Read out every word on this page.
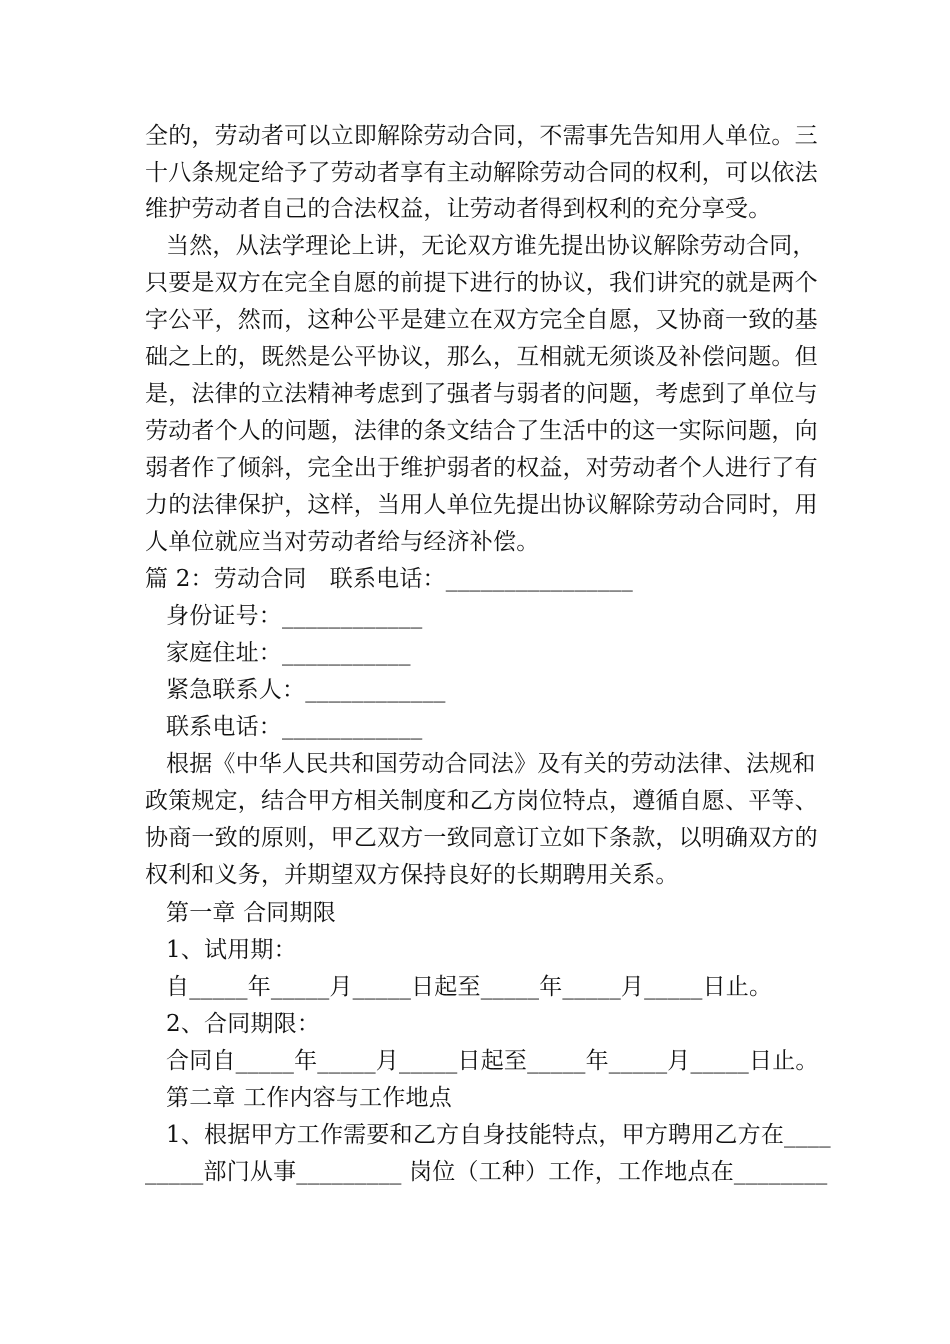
全的，劳动者可以立即解除劳动合同，不需事先告知用人单位。三
十八条规定给予了劳动者享有主动解除劳动合同的权利，可以依法
维护劳动者自己的合法权益，让劳动者得到权利的充分享受。
当然，从法学理论上讲，无论双方谁先提出协议解除劳动合同，
只要是双方在完全自愿的前提下进行的协议，我们讲究的就是两个
字公平，然而，这种公平是建立在双方完全自愿，又协商一致的基
础之上的，既然是公平协议，那么，互相就无须谈及补偿问题。但
是，法律的立法精神考虑到了强者与弱者的问题，考虑到了单位与
劳动者个人的问题，法律的条文结合了生活中的这一实际问题，向
弱者作了倾斜，完全出于维护弱者的权益，对劳动者个人进行了有
力的法律保护，这样，当用人单位先提出协议解除劳动合同时，用
人单位就应当对劳动者给与经济补偿。
篇 2：劳动合同　联系电话：________________
身份证号：____________
家庭住址：___________
紧急联系人：____________
联系电话：____________
根据《中华人民共和国劳动合同法》及有关的劳动法律、法规和
政策规定，结合甲方相关制度和乙方岗位特点，遵循自愿、平等、
协商一致的原则，甲乙双方一致同意订立如下条款，以明确双方的
权利和义务，并期望双方保持良好的长期聘用关系。
第一章 合同期限
1、试用期：
自_____年_____月_____日起至_____年_____月_____日止。
2、合同期限：
合同自_____年_____月_____日起至_____年_____月_____日止。
第二章 工作内容与工作地点
1、根据甲方工作需要和乙方自身技能特点，甲方聘用乙方在____
_____部门从事_________ 岗位（工种）工作，工作地点在________
